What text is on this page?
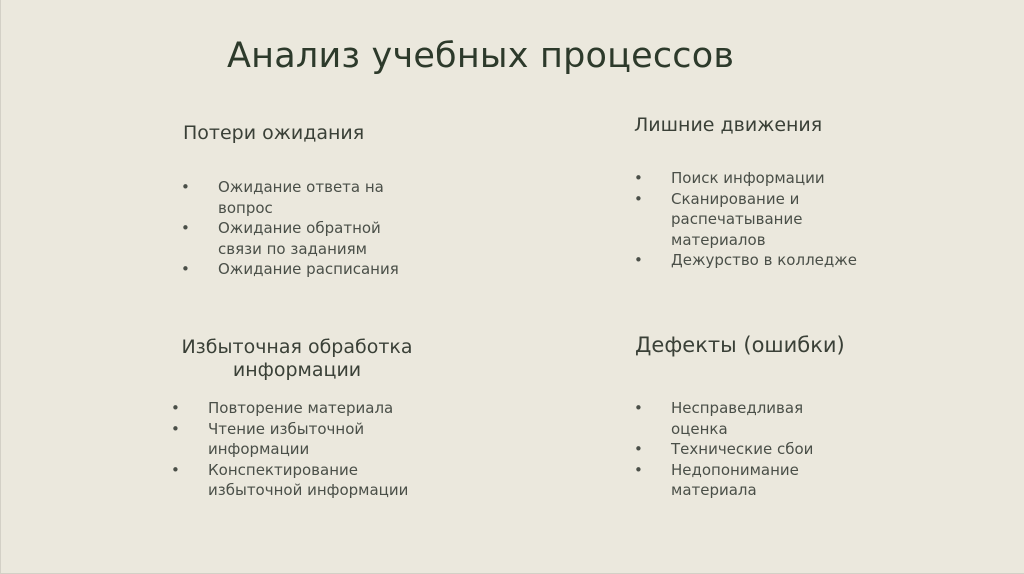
Анализ учебных процессов
Потери ожидания
• Ожидание ответа на вопрос
• Ожидание обратной связи по заданиям
• Ожидание расписания
Лишние движения
• Поиск информации
• Сканирование и распечатывание материалов
• Дежурство в колледже
Избыточная обработка информации
• Повторение материала
• Чтение избыточной информации
• Конспектирование избыточной информации
Дефекты (ошибки)
• Несправедливая оценка
• Технические сбои
• Недопонимание материала
